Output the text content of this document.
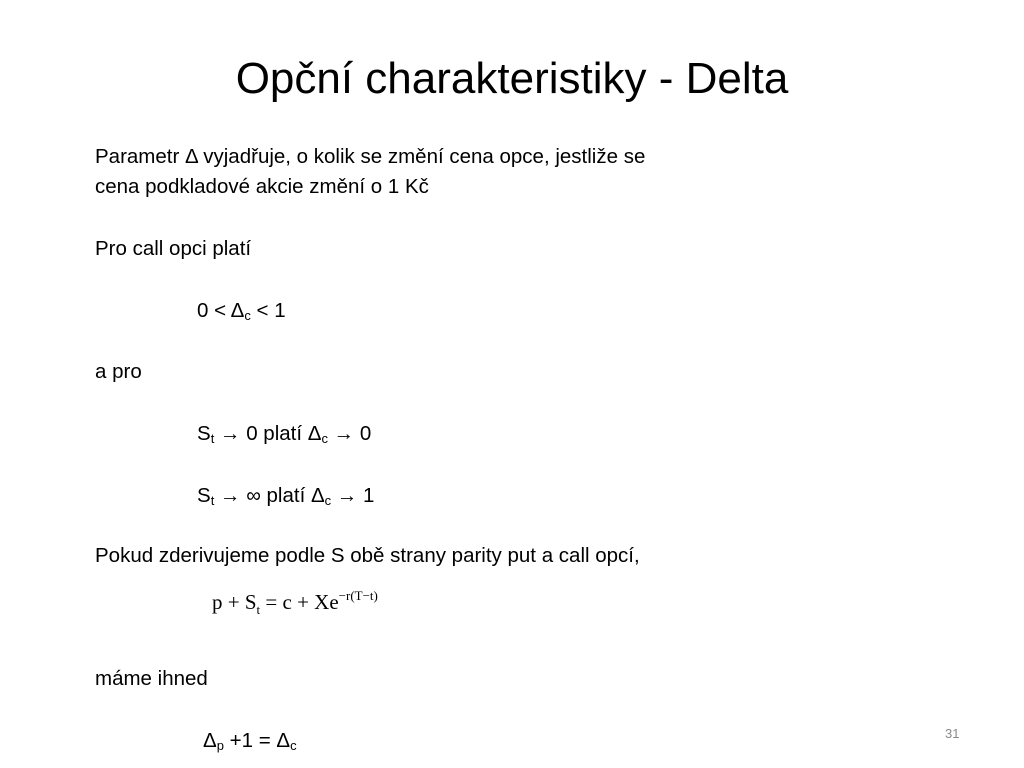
Opční charakteristiky - Delta
Parametr Δ vyjadřuje, o kolik se změní cena opce, jestliže se
cena podkladové akcie změní o 1 Kč
Pro call opci platí
$0 < \Delta_c < 1$
a pro
$S_t \to 0$ platí $\Delta_c \to 0$
$S_t$ → ∞ platí $\Delta_c \to 1$
Pokud zderivujeme podle S obě strany parity put a call opcí,
$p + S_t = c + Xe^{-r(T-t)}$
máme ihned
$\Delta_p +1 = \Delta_c$
31
